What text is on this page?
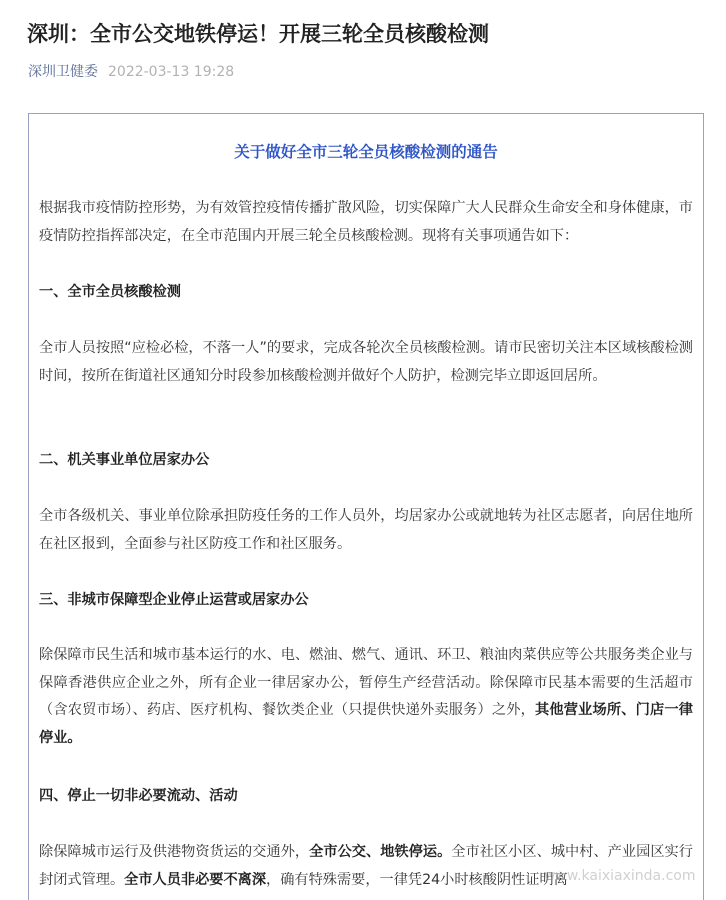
深圳：全市公交地铁停运！开展三轮全员核酸检测
深圳卫健委 2022-03-13 19:28
关于做好全市三轮全员核酸检测的通告
根据我市疫情防控形势，为有效管控疫情传播扩散风险，切实保障广大人民群众生命安全和身体健康，市疫情防控指挥部决定，在全市范围内开展三轮全员核酸检测。现将有关事项通告如下：
一、全市全员核酸检测
全市人员按照“应检必检，不落一人”的要求，完成各轮次全员核酸检测。请市民密切关注本区域核酸检测时间，按所在街道社区通知分时段参加核酸检测并做好个人防护，检测完毕立即返回居所。
二、机关事业单位居家办公
全市各级机关、事业单位除承担防疫任务的工作人员外，均居家办公或就地转为社区志愿者，向居住地所在社区报到，全面参与社区防疫工作和社区服务。
三、非城市保障型企业停止运营或居家办公
除保障市民生活和城市基本运行的水、电、燃油、燃气、通讯、环卫、粮油肉菜供应等公共服务类企业与保障香港供应企业之外，所有企业一律居家办公，暂停生产经营活动。除保障市民基本需要的生活超市（含农贸市场）、药店、医疗机构、餐饮类企业（只提供快递外卖服务）之外，其他营业场所、门店一律停业。
四、停止一切非必要流动、活动
除保障城市运行及供港物资货运的交通外，全市公交、地铁停运。全市社区小区、城中村、产业园区实行封闭式管理。全市人员非必要不离深，确有特殊需要，一律凭24小时核酸阴性证明离
www.kaixiaxinda.com
